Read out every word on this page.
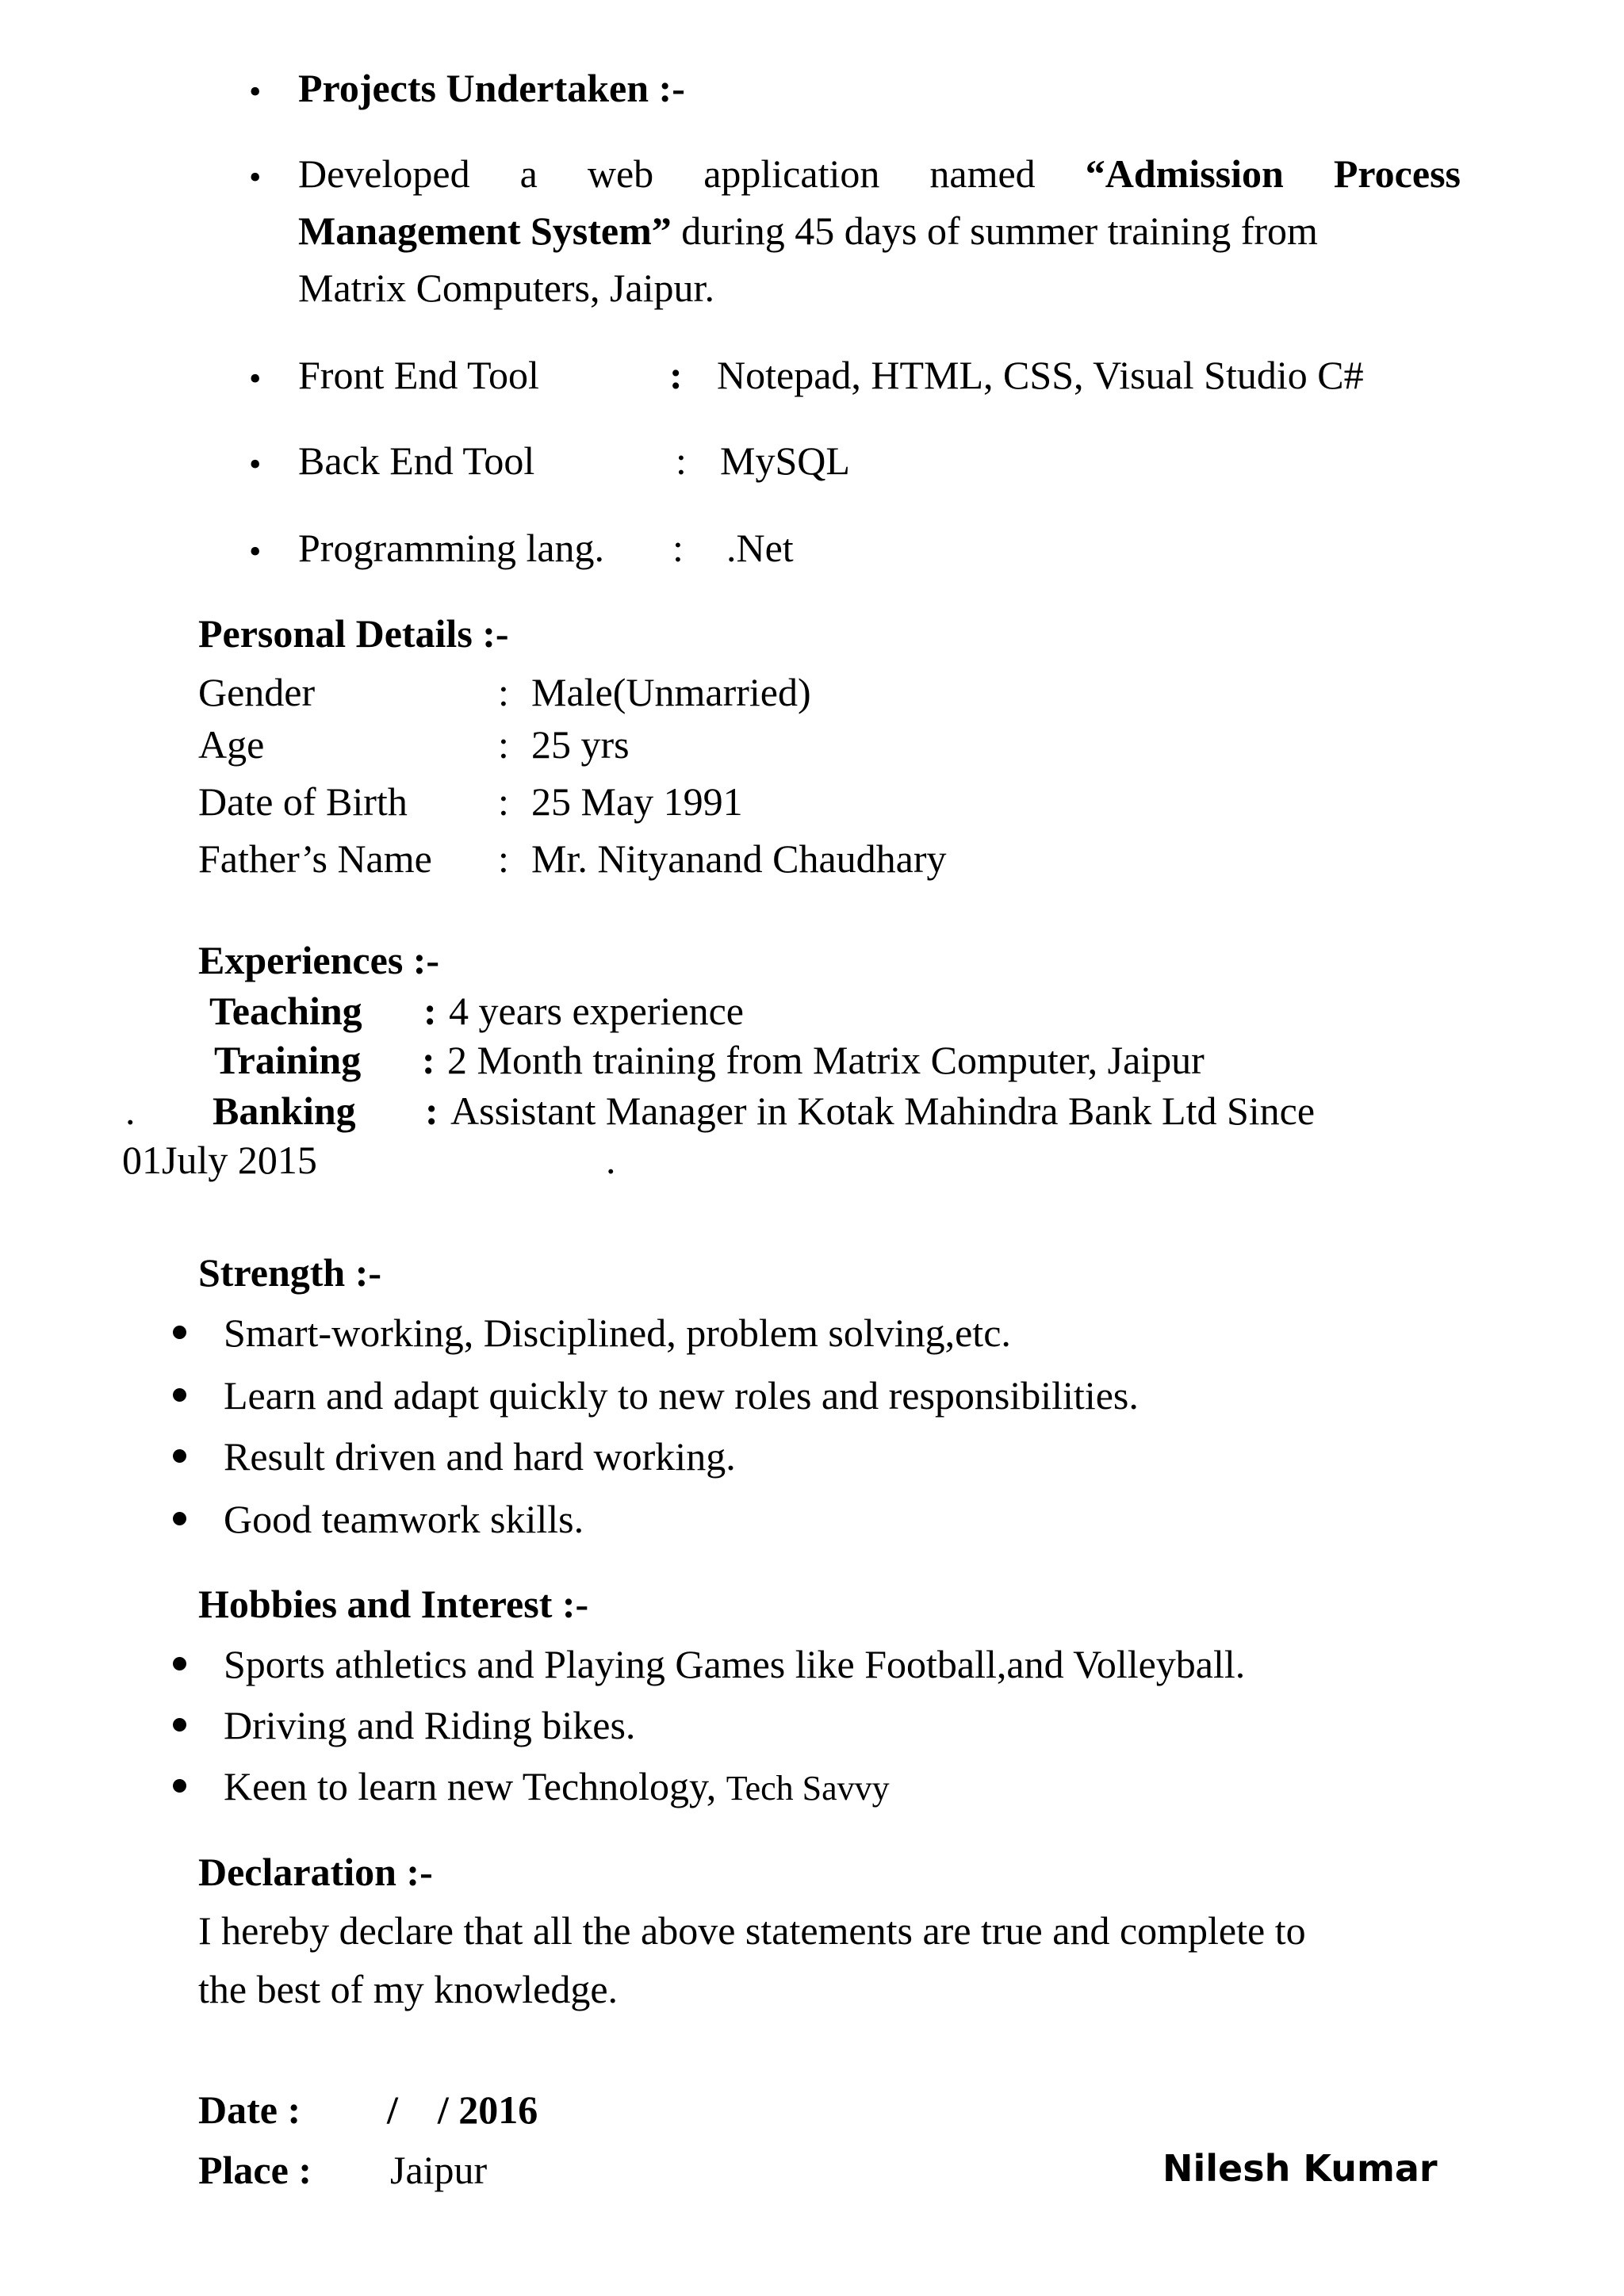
• Projects Undertaken :-
• Developed a web application named “Admission Process
Management System” during 45 days of summer training from
Matrix Computers, Jaipur.
• Front End Tool	: Notepad, HTML, CSS, Visual Studio C#
• Back End Tool	: MySQL
• Programming lang. : .Net
Personal Details :-
Gender	: Male(Unmarried)
Age	: 25 yrs
Date of Birth : 25 May 1991
Father’s Name : Mr. Nityanand Chaudhary
Experiences :-
Teaching : 4 years experience
Training : 2 Month training from Matrix Computer, Jaipur
. Banking : Assistant Manager in Kotak Mahindra Bank Ltd Since
01July 2015	.
Strength :-
Smart-working, Disciplined, problem solving,etc.
Learn and adapt quickly to new roles and responsibilities.
Result driven and hard working.
Good teamwork skills.
Hobbies and Interest :-
Sports athletics and Playing Games like Football,and Volleyball.
Driving and Riding bikes.
Keen to learn new Technology, Tech Savvy
Declaration :-
I hereby declare that all the above statements are true and complete to
the best of my knowledge.
Date : /    / 2016
Place : Jaipur	Nilesh Kumar
